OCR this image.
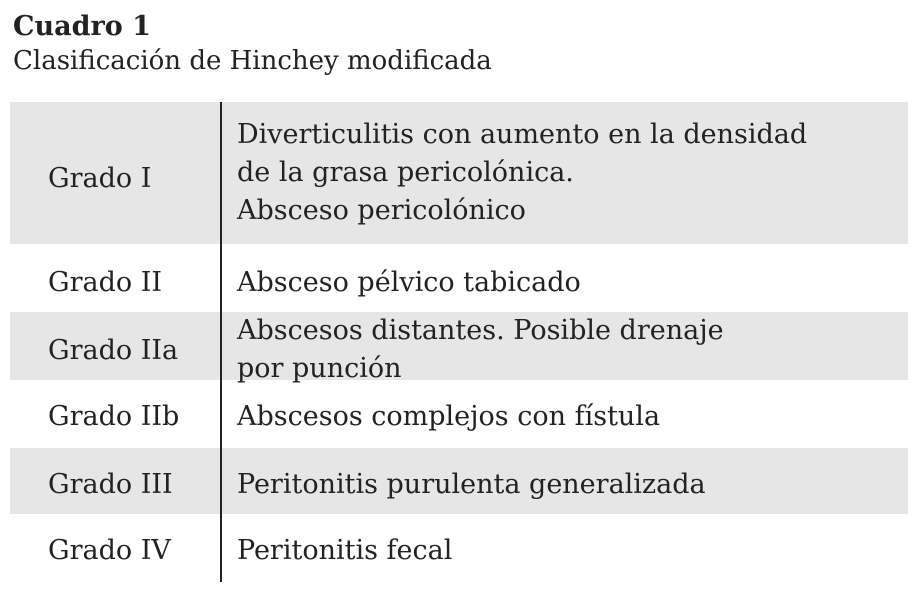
Cuadro 1
Clasificación de Hinchey modificada
Grado I
Diverticulitis con aumento en la densidad
de la grasa pericolónica.
Absceso pericolónico
Grado II	Absceso pélvico tabicado
Grado IIa
Abscesos distantes. Posible drenaje
por punción
Grado IIb Abscesos complejos con fístula
Grado III Peritonitis purulenta generalizada
Grado IV Peritonitis fecal
